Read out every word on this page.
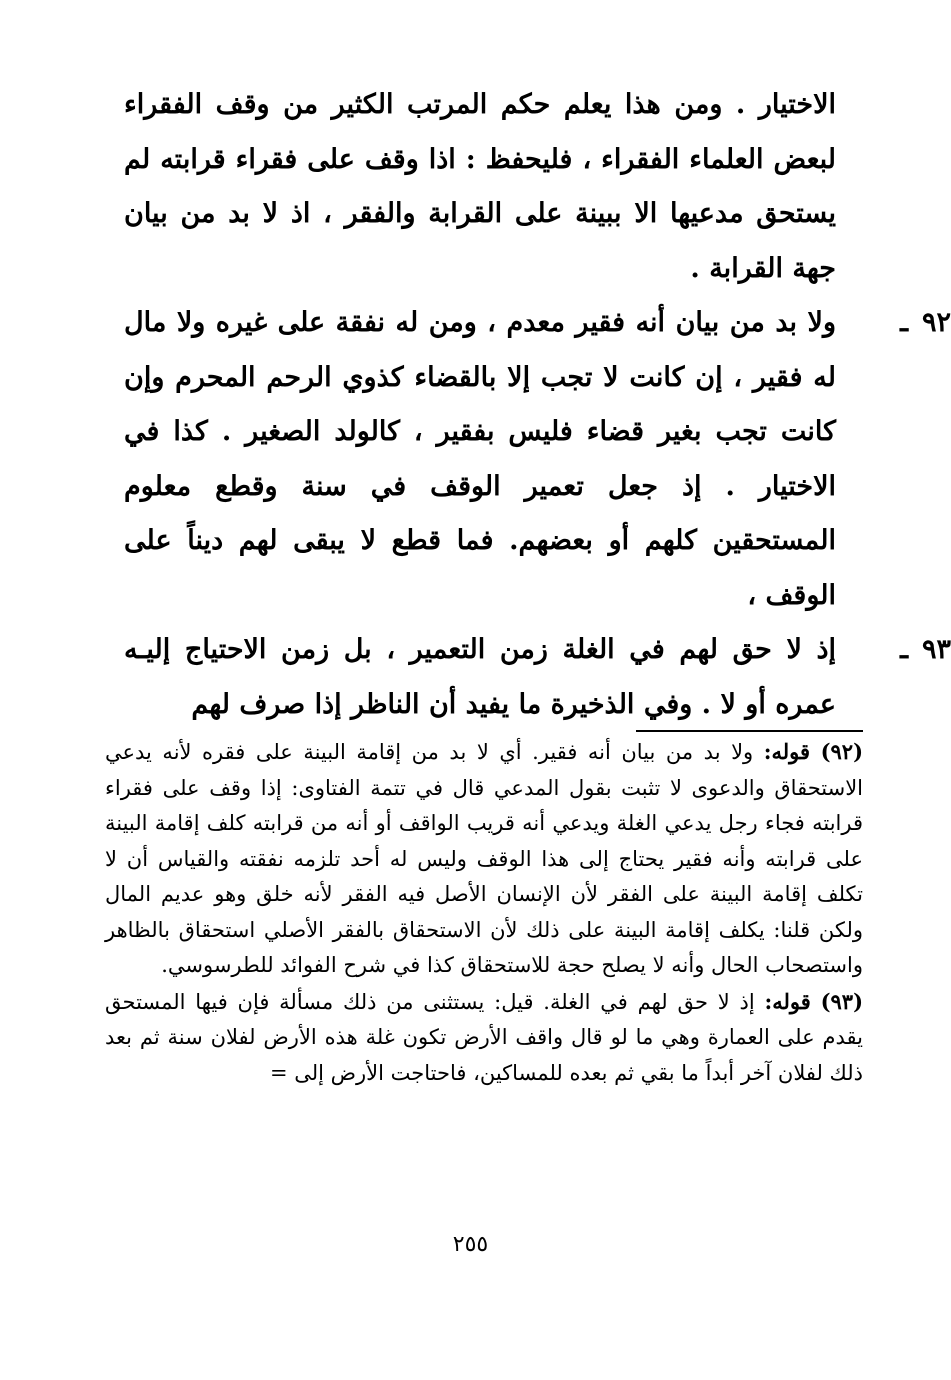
الاختيار . ومن هذا يعلم حكم المرتب الكثير من وقف الفقراء لبعض العلماء الفقراء ، فليحفظ : اذا وقف على فقراء قرابته لم يستحق مدعيها الا ببينة على القرابة والفقر ، اذ لا بد من بيان جهة القرابة .

٩٢ـ
ولا بد من بيان أنه فقير معدم ، ومن له نفقة على غيره ولا مال له فقير ، إن كانت لا تجب إلا بالقضاء كذوي الرحم المحرم وإن كانت تجب بغير قضاء فليس بفقير ، كالولد الصغير . كذا في الاختيار . إذ جعل تعمير الوقف في سنة وقطع معلوم المستحقين كلهم أو بعضهم. فما قطع لا يبقى لهم ديناً على الوقف ،
٩٣ـ
إذ لا حق لهم في الغلة زمن التعمير ، بل زمن الاحتياج إليـه عمره أو لا . وفي الذخيرة ما يفيد أن الناظر إذا صرف لهم

(٩٢) قوله: ولا بد من بيان أنه فقير. أي لا بد من إقامة البينة على فقره لأنه يدعي الاستحقاق والدعوى لا تثبت بقول المدعي قال في تتمة الفتاوى: إذا وقف على فقراء قرابته فجاء رجل يدعي الغلة ويدعي أنه قريب الواقف أو أنه من قرابته كلف إقامة البينة على قرابته وأنه فقير يحتاج إلى هذا الوقف وليس له أحد تلزمه نفقته والقياس أن لا تكلف إقامة البينة على الفقر لأن الإنسان الأصل فيه الفقر لأنه خلق وهو عديم المال ولكن قلنا: يكلف إقامة البينة على ذلك لأن الاستحقاق بالفقر الأصلي استحقاق بالظاهر واستصحاب الحال وأنه لا يصلح حجة للاستحقاق كذا في شرح الفوائد للطرسوسي.

(٩٣) قوله: إذ لا حق لهم في الغلة. قيل: يستثنى من ذلك مسألة فإن فيها المستحق يقدم على العمارة وهي ما لو قال واقف الأرض تكون غلة هذه الأرض لفلان سنة ثم بعد ذلك لفلان آخر أبداً ما بقي ثم بعده للمساكين، فاحتاجت الأرض إلى =

٢٥٥
